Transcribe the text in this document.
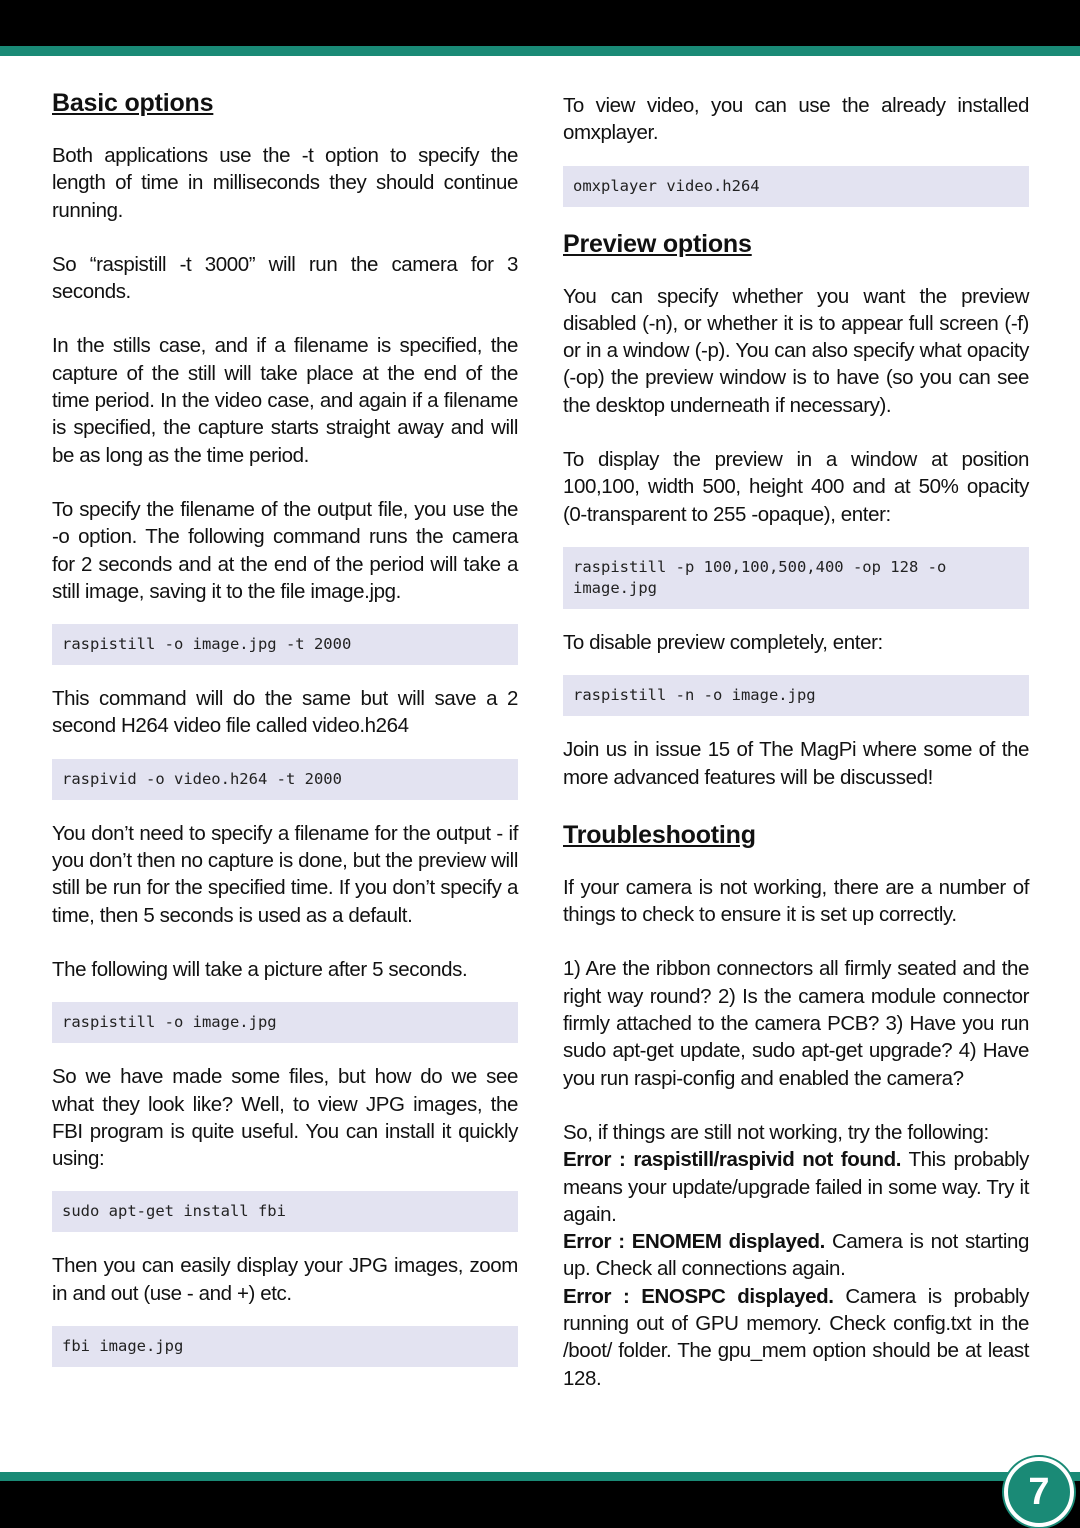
Basic options

Both applications use the -t option to specify the length of time in milliseconds they should continue running.

So “raspistill -t 3000” will run the camera for 3 seconds.

In the stills case, and if a filename is specified, the capture of the still will take place at the end of the time period. In the video case, and again if a filename is specified, the capture starts straight away and will be as long as the time period.

To specify the filename of the output file, you use the -o option. The following command runs the camera for 2 seconds and at the end of the period will take a still image, saving it to the file image.jpg.

raspistill -o image.jpg -t 2000

This command will do the same but will save a 2 second H264 video file called video.h264

raspivid -o video.h264 -t 2000

You don’t need to specify a filename for the output - if you don’t then no capture is done, but the preview will still be run for the specified time. If you don’t specify a time, then 5 seconds is used as a default.

The following will take a picture after 5 seconds.

raspistill -o image.jpg

So we have made some files, but how do we see what they look like? Well, to view JPG images, the FBI program is quite useful. You can install it quickly using:

sudo apt-get install fbi

Then you can easily display your JPG images, zoom in and out (use - and +) etc.

fbi image.jpg

To view video, you can use the already installed omxplayer.

omxplayer video.h264
Preview options

You can specify whether you want the preview disabled (-n), or whether it is to appear full screen (-f) or in a window (-p). You can also specify what opacity (-op) the preview window is to have (so you can see the desktop underneath if necessary).

To display the preview in a window at position 100,100, width 500, height 400 and at 50% opacity (0-transparent to 255 -opaque), enter:

raspistill -p 100,100,500,400 -op 128 -o
image.jpg

To disable preview completely, enter:

raspistill -n -o image.jpg

Join us in issue 15 of The MagPi where some of the more advanced features will be discussed!

Troubleshooting

If your camera is not working, there are a number of things to check to ensure it is set up correctly.

1) Are the ribbon connectors all firmly seated and the right way round? 2) Is the camera module connector firmly attached to the camera PCB? 3) Have you run sudo apt-get update, sudo apt-get upgrade? 4) Have you run raspi-config and enabled the camera?

So, if things are still not working, try the following:

Error : raspistill/raspivid not found. This probably means your update/upgrade failed in some way. Try it again.

Error : ENOMEM displayed. Camera is not starting up. Check all connections again.

Error : ENOSPC displayed. Camera is probably running out of GPU memory. Check config.txt in the /boot/ folder. The gpu_mem option should be at least 128.

7
